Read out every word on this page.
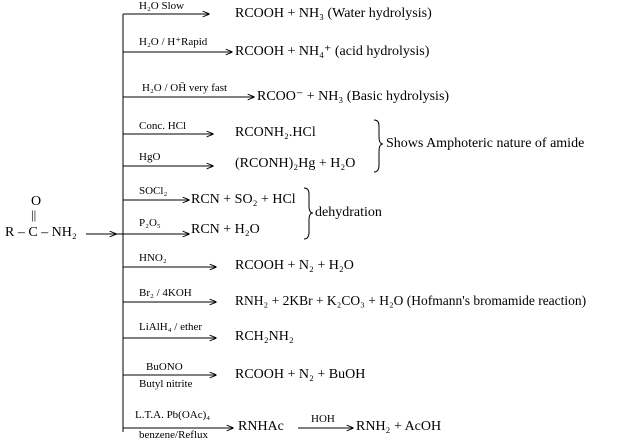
O
||
R – C – NH₂
H₂O Slow	RCOOH + NH₃ (Water hydrolysis)
H₂O / H⁺Rapid
RCOOH + NH₄⁺ (acid hydrolysis)
H₂O / OH̄ very fast
RCOO⁻ + NH₃ (Basic hydrolysis)
Conc. HCl	RCONH₂.HCl
HgO	(RCONH)₂Hg + H₂O
Shows Amphoteric nature of amide
SOCl₂
RCN + SO₂ + HCl
P₂O₅ RCN + H₂O
dehydration
HNO₂	RCOOH + N₂ + H₂O
Br₂ / 4KOH	RNH₂ + 2KBr + K₂CO₃ + H₂O (Hofmann's bromamide reaction)
LiAlH₄ / ether
RCH₂NH₂
BuONO
Butyl nitrite
RCOOH + N₂ + BuOH
L.T.A. Pb(OAc)₄
benzene/Reflux
RNHAc HOH RNH₂ + AcOH
